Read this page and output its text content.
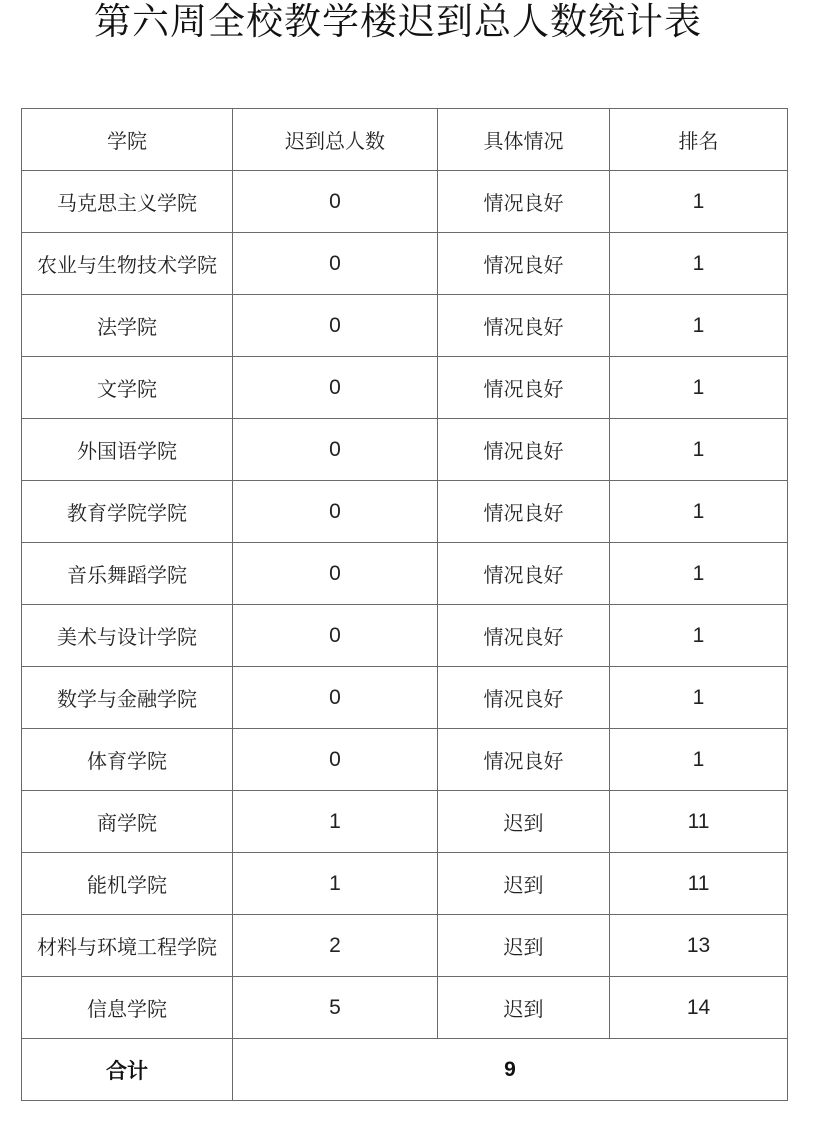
第六周全校教学楼迟到总人数统计表
学院	迟到总人数	具体情况	排名
马克思主义学院	0	情况良好	1
农业与生物技术学院	0	情况良好	1
法学院	0	情况良好	1
文学院	0	情况良好	1
外国语学院	0	情况良好	1
教育学院学院	0	情况良好	1
音乐舞蹈学院	0	情况良好	1
美术与设计学院	0	情况良好	1
数学与金融学院	0	情况良好	1
体育学院	0	情况良好	1
商学院	1	迟到	11
能机学院	1	迟到	11
材料与环境工程学院	2	迟到	13
信息学院	5	迟到	14
合计	9		
